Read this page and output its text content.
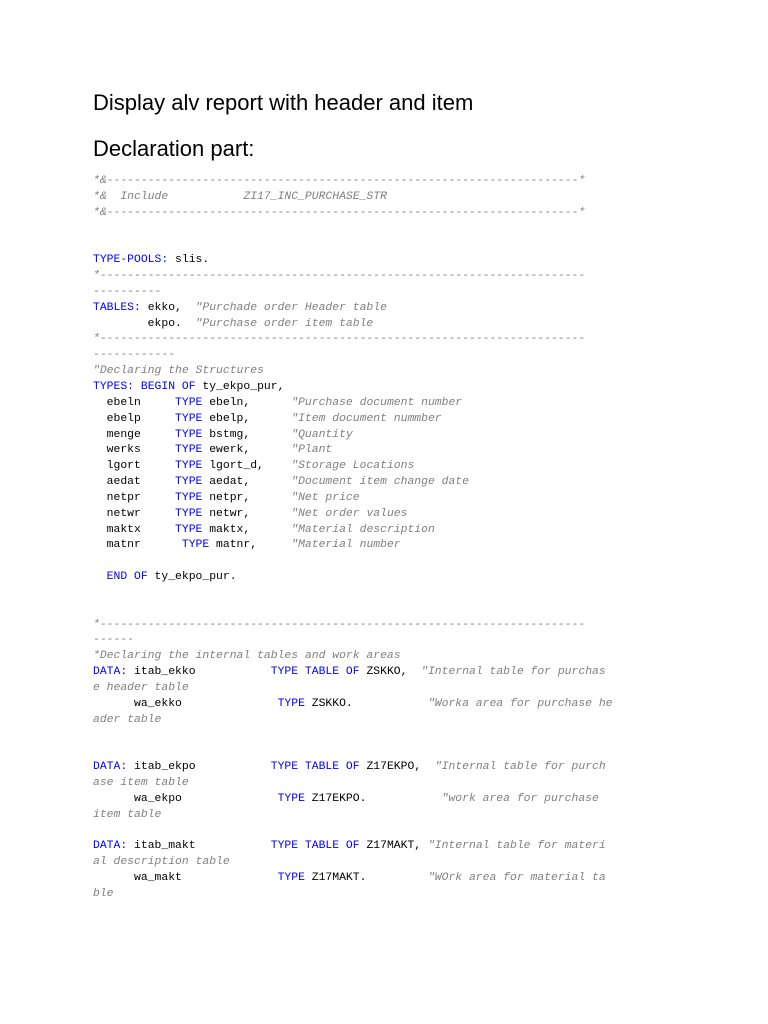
Display alv report with header and item
Declaration part:
*&---------------------------------------------------------------------*
*&  Include           ZI17_INC_PURCHASE_STR
*&---------------------------------------------------------------------*

TYPE-POOLS: slis.
*-----------------------------------------------------------------------
----------
TABLES: ekko,  "Purchade order Header table
ekpo.  "Purchase order item table
*-----------------------------------------------------------------------
------------
"Declaring the Structures
TYPES: BEGIN OF ty_ekpo_pur,
ebeln     TYPE ebeln,      "Purchase document number
ebelp     TYPE ebelp,      "Item document nummber
menge     TYPE bstmg,      "Quantity
werks     TYPE ewerk,      "Plant
lgort     TYPE lgort_d,    "Storage Locations
aedat     TYPE aedat,      "Document item change date
netpr     TYPE netpr,      "Net price
netwr     TYPE netwr,      "Net order values
maktx     TYPE maktx,      "Material description
matnr      TYPE matnr,     "Material number

END OF ty_ekpo_pur.

*-----------------------------------------------------------------------
------
*Declaring the internal tables and work areas
DATA: itab_ekko           TYPE TABLE OF ZSKKO,  "Internal table for purchas
e header table
wa_ekko              TYPE ZSKKO.           "Worka area for purchase he
ader table

DATA: itab_ekpo           TYPE TABLE OF Z17EKPO,  "Internal table for purch
ase item table
wa_ekpo              TYPE Z17EKPO.           "work area for purchase
item table

DATA: itab_makt           TYPE TABLE OF Z17MAKT, "Internal table for materi
al description table
wa_makt              TYPE Z17MAKT.         "WOrk area for material ta
ble
